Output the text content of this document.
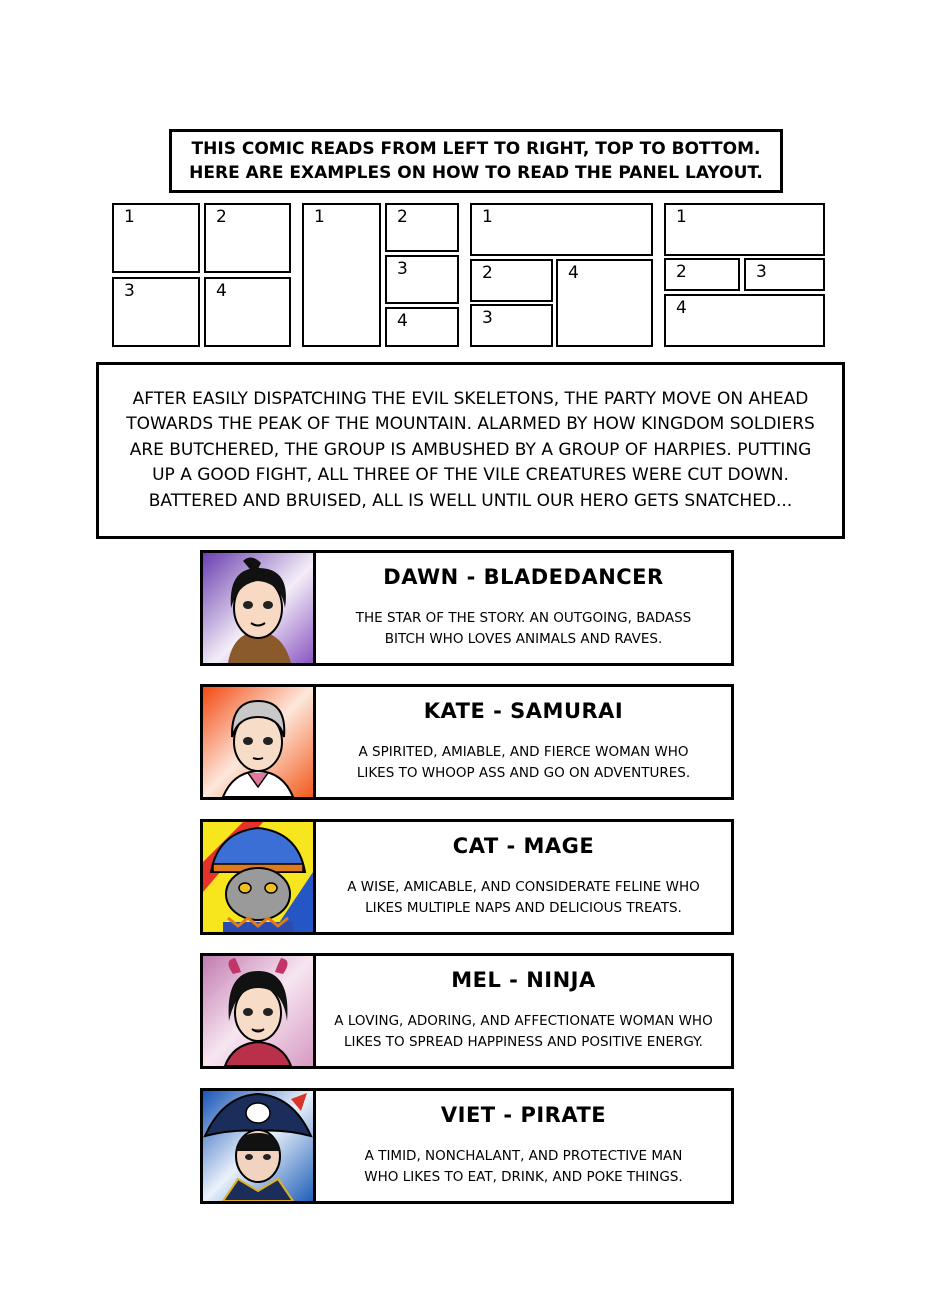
THIS COMIC READS FROM LEFT TO RIGHT, TOP TO BOTTOM.
HERE ARE EXAMPLES ON HOW TO READ THE PANEL LAYOUT.
1	2
3	4
1	2
3
4
1
2
3
4
1
2	3
4
AFTER EASILY DISPATCHING THE EVIL SKELETONS, THE PARTY MOVE ON AHEAD
TOWARDS THE PEAK OF THE MOUNTAIN. ALARMED BY HOW KINGDOM SOLDIERS
ARE BUTCHERED, THE GROUP IS AMBUSHED BY A GROUP OF HARPIES. PUTTING
UP A GOOD FIGHT, ALL THREE OF THE VILE CREATURES WERE CUT DOWN.
BATTERED AND BRUISED, ALL IS WELL UNTIL OUR HERO GETS SNATCHED...
DAWN - BLADEDANCER
THE STAR OF THE STORY. AN OUTGOING, BADASS
BITCH WHO LOVES ANIMALS AND RAVES.
KATE - SAMURAI
A SPIRITED, AMIABLE, AND FIERCE WOMAN WHO
LIKES TO WHOOP ASS AND GO ON ADVENTURES.
CAT - MAGE
A WISE, AMICABLE, AND CONSIDERATE FELINE WHO
LIKES MULTIPLE NAPS AND DELICIOUS TREATS.
MEL - NINJA
A LOVING, ADORING, AND AFFECTIONATE WOMAN WHO
LIKES TO SPREAD HAPPINESS AND POSITIVE ENERGY.
VIET - PIRATE
A TIMID, NONCHALANT, AND PROTECTIVE MAN
WHO LIKES TO EAT, DRINK, AND POKE THINGS.
